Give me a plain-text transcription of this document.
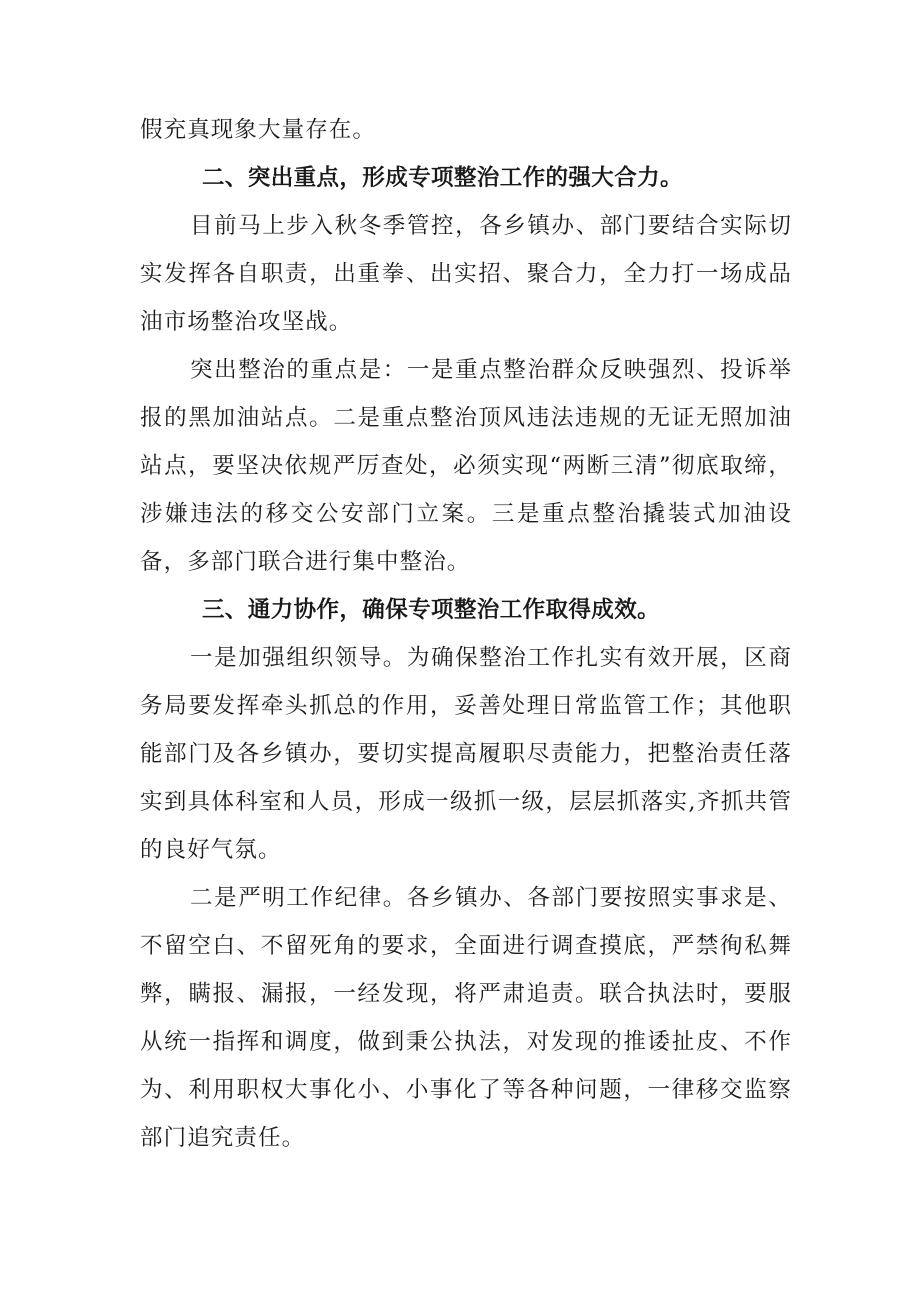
假充真现象大量存在。

二、突出重点，形成专项整治工作的强大合力。

目前马上步入秋冬季管控，各乡镇办、部门要结合实际切实发挥各自职责，出重拳、出实招、聚合力，全力打一场成品油市场整治攻坚战。

突出整治的重点是：一是重点整治群众反映强烈、投诉举报的黑加油站点。二是重点整治顶风违法违规的无证无照加油站点，要坚决依规严厉查处，必须实现“两断三清”彻底取缔，涉嫌违法的移交公安部门立案。三是重点整治撬装式加油设备，多部门联合进行集中整治。

三、通力协作，确保专项整治工作取得成效。

一是加强组织领导。为确保整治工作扎实有效开展，区商务局要发挥牵头抓总的作用，妥善处理日常监管工作；其他职能部门及各乡镇办，要切实提高履职尽责能力，把整治责任落实到具体科室和人员，形成一级抓一级，层层抓落实,齐抓共管的良好气氛。

二是严明工作纪律。各乡镇办、各部门要按照实事求是、不留空白、不留死角的要求，全面进行调查摸底，严禁徇私舞弊，瞒报、漏报，一经发现，将严肃追责。联合执法时，要服从统一指挥和调度，做到秉公执法，对发现的推诿扯皮、不作为、利用职权大事化小、小事化了等各种问题，一律移交监察部门追究责任。
